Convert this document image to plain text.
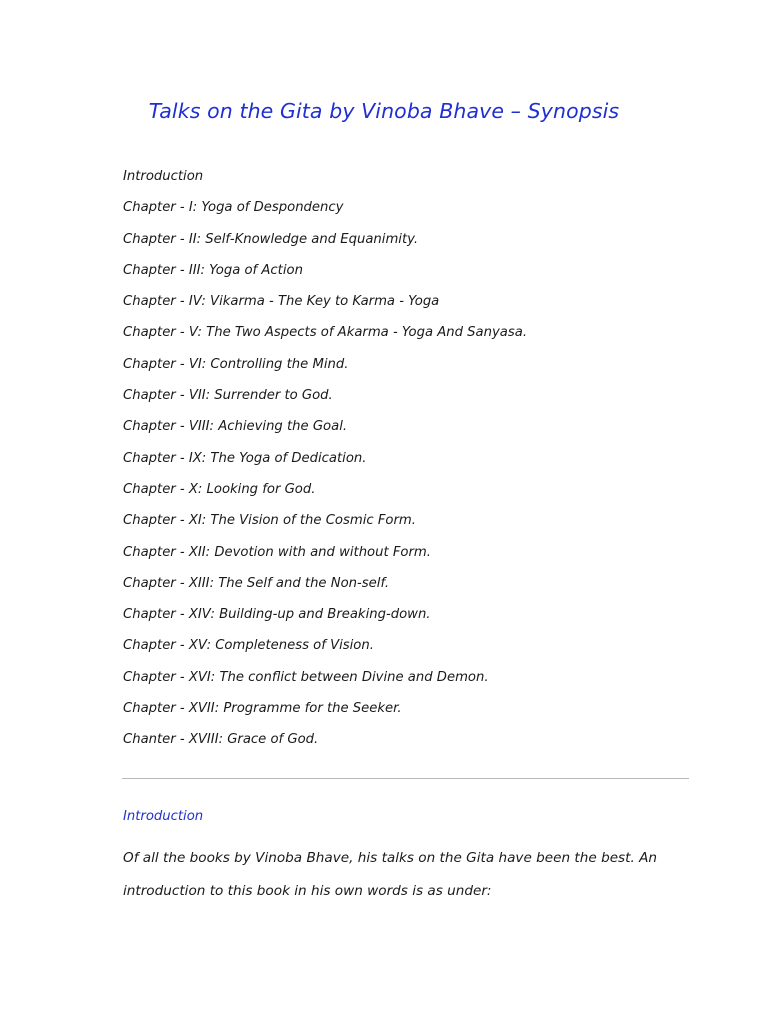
Talks on the Gita by Vinoba Bhave – Synopsis
Introduction
Chapter - I: Yoga of Despondency
Chapter - II: Self-Knowledge and Equanimity.
Chapter - III: Yoga of Action
Chapter - IV: Vikarma - The Key to Karma - Yoga
Chapter - V: The Two Aspects of Akarma - Yoga And Sanyasa.
Chapter - VI: Controlling the Mind.
Chapter - VII: Surrender to God.
Chapter - VIII: Achieving the Goal.
Chapter - IX: The Yoga of Dedication.
Chapter - X: Looking for God.
Chapter - XI: The Vision of the Cosmic Form.
Chapter - XII: Devotion with and without Form.
Chapter - XIII: The Self and the Non-self.
Chapter - XIV: Building-up and Breaking-down.
Chapter - XV: Completeness of Vision.
Chapter - XVI: The conflict between Divine and Demon.
Chapter - XVII: Programme for the Seeker.
Chanter - XVIII: Grace of God.
Introduction

Of all the books by Vinoba Bhave, his talks on the Gita have been the best. An
introduction to this book in his own words is as under:
